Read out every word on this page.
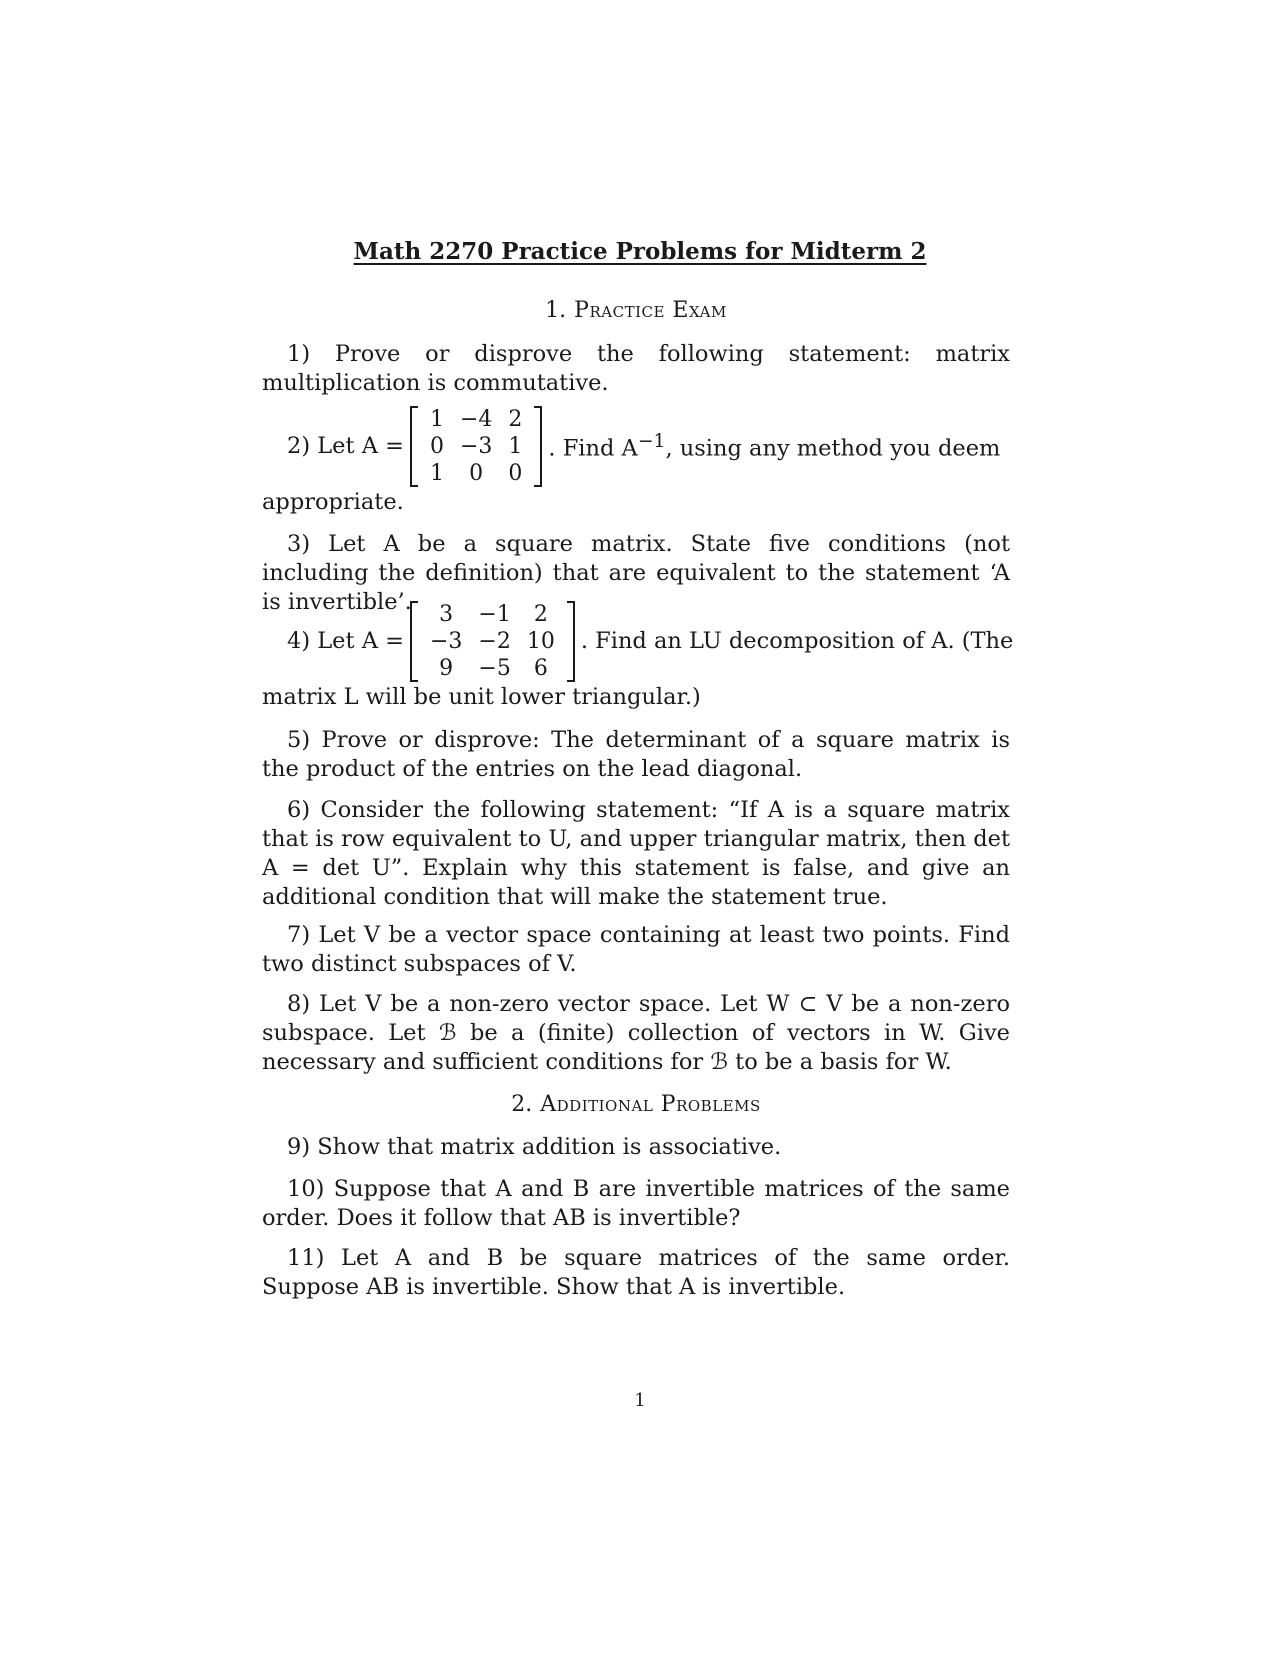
Math 2270 Practice Problems for Midterm 2
1. Practice Exam

1) Prove or disprove the following statement: matrix multiplication is commutative.

2) Let A =
1	−4	2
0	−3	1
1	0	0
. Find $A^{-1}$, using any method you deem

appropriate.

3) Let A be a square matrix. State five conditions (not including the definition) that are equivalent to the statement ‘A is invertible’.

4) Let A =
3	−1	2
−3	−2	10
9	−5	6
. Find an LU decomposition of A. (The

matrix L will be unit lower triangular.)

5) Prove or disprove: The determinant of a square matrix is the product of the entries on the lead diagonal.

6) Consider the following statement: “If A is a square matrix that is row equivalent to U, and upper triangular matrix, then det A = det U”. Explain why this statement is false, and give an additional condition that will make the statement true.

7) Let V be a vector space containing at least two points. Find two distinct subspaces of V.

8) Let V be a non-zero vector space. Let W ⊂ V be a non-zero subspace. Let ℬ be a (finite) collection of vectors in W. Give necessary and sufficient conditions for ℬ to be a basis for W.

2. Additional Problems

9) Show that matrix addition is associative.

10) Suppose that A and B are invertible matrices of the same order. Does it follow that AB is invertible?

11) Let A and B be square matrices of the same order. Suppose AB is invertible. Show that A is invertible.

1
